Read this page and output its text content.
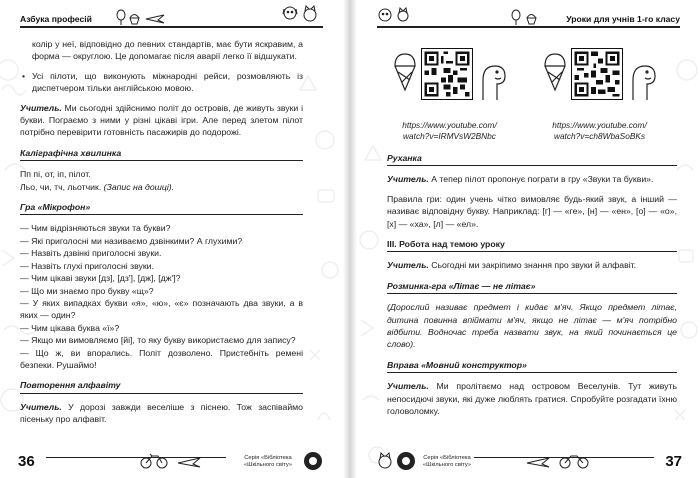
Азбука професій

колір у неї, відповідно до певних стандартів, має бути яскравим, а форма — округлою. Це допомагає після аварії легко її відшукати.

• Усі пілоти, що виконують міжнародні рейси, розмовляють із диспетчером тільки англійською мовою.

Учитель. Ми сьогодні здійснимо політ до островів, де живуть звуки і букви. Пограємо з ними у різні цікаві ігри. Але перед злетом пілот потрібно перевірити готовність пасажирів до подорожі.

Каліграфічна хвилинка

Пп пі, от, іп, пілот.

Льо, чи, тч, льотчик. (Запис на дошці).

Гра «Мікрофон»

— Чим відрізняються звуки та букви?

— Які приголосні ми називаємо дзвінкими? А глухими?

— Назвіть дзвінкі приголосні звуки.

— Назвіть глухі приголосні звуки.

— Чим цікаві звуки [дз], [дз'], [дж], [дж']?

— Що ми знаємо про букву «щ»?

— У яких випадках букви «я», «ю», «є» позначають два звуки, а в яких — один?

— Чим цікава буква «ї»?

— Якщо ми вимовляємо [йі], то яку букву використаємо для запису?

— Що ж, ви впорались. Політ дозволено. Пристебніть ремені безпеки. Рушаймо!

Повторення алфавіту

Учитель. У дорозі завжди веселіше з піснею. Тож заспіваймо пісеньку про алфавіт.

36	Серія «Бібліотека
«Шкільного світу»
Уроки для учнів 1-го класу
https://www.youtube.com/
watch?v=IRMVsW2BNbc
https://www.youtube.com/
watch?v=ch8WbaSoBKs
Руханка

Учитель. А тепер пілот пропонує пограти в гру «Звуки та букви».

Правила гри: один учень чітко вимовляє будь-який звук, а інший — називає відповідну букву. Наприклад: [г] — «ге», [н] — «ен», [о] — «о», [х] — «ха», [л] — «ел».

III. Робота над темою уроку

Учитель. Сьогодні ми закріпимо знання про звуки й алфавіт.

Розминка-гра «Літає — не літає»

(Дорослий називає предмет і кидає м'яч. Якщо предмет літає, дитина повинна впіймати м'яч, якщо не літає — м'яч потрібно відбити. Водночас треба назвати звук, на який починається це слово).

Вправа «Мовний конструктор»

Учитель. Ми пролітаємо над островом Веселунів. Тут живуть непосидючі звуки, які дуже люблять гратися. Спробуйте розгадати їхню головоломку.

Серія «Бібліотека
«Шкільного світу»	37
